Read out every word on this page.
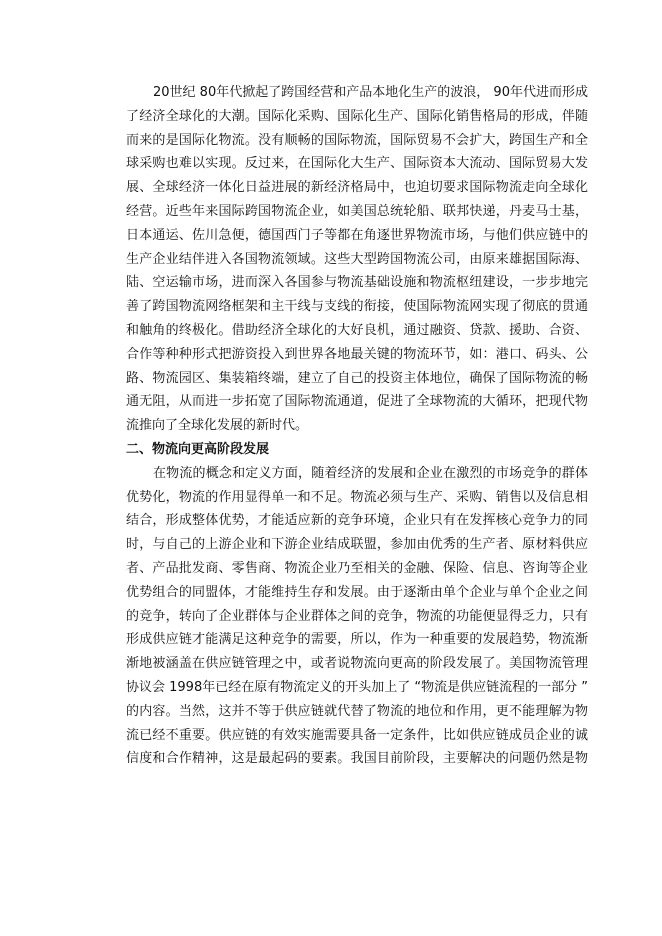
20世纪 80年代掀起了跨国经营和产品本地化生产的波浪， 90年代进而形成
了经济全球化的大潮。国际化采购、国际化生产、国际化销售格局的形成，伴随
而来的是国际化物流。没有顺畅的国际物流，国际贸易不会扩大，跨国生产和全
球采购也难以实现。反过来，在国际化大生产、国际资本大流动、国际贸易大发
展、全球经济一体化日益进展的新经济格局中，也迫切要求国际物流走向全球化
经营。近些年来国际跨国物流企业，如美国总统轮船、联邦快递，丹麦马士基，
日本通运、佐川急便，德国西门子等都在角逐世界物流市场，与他们供应链中的
生产企业结伴进入各国物流领域。这些大型跨国物流公司，由原来雄据国际海、
陆、空运输市场，进而深入各国参与物流基础设施和物流枢纽建设，一步步地完
善了跨国物流网络框架和主干线与支线的衔接，使国际物流网实现了彻底的贯通
和触角的终极化。借助经济全球化的大好良机，通过融资、贷款、援助、合资、
合作等种种形式把游资投入到世界各地最关键的物流环节，如：港口、码头、公
路、物流园区、集装箱终端，建立了自己的投资主体地位，确保了国际物流的畅
通无阻，从而进一步拓宽了国际物流通道，促进了全球物流的大循环，把现代物
流推向了全球化发展的新时代。
二、物流向更高阶段发展
在物流的概念和定义方面，随着经济的发展和企业在激烈的市场竞争的群体
优势化，物流的作用显得单一和不足。物流必须与生产、采购、销售以及信息相
结合，形成整体优势，才能适应新的竞争环境，企业只有在发挥核心竞争力的同
时，与自己的上游企业和下游企业结成联盟，参加由优秀的生产者、原材料供应
者、产品批发商、零售商、物流企业乃至相关的金融、保险、信息、咨询等企业
优势组合的同盟体，才能维持生存和发展。由于逐渐由单个企业与单个企业之间
的竞争，转向了企业群体与企业群体之间的竞争，物流的功能便显得乏力，只有
形成供应链才能满足这种竞争的需要，所以，作为一种重要的发展趋势，物流渐
渐地被涵盖在供应链管理之中，或者说物流向更高的阶段发展了。美国物流管理
协议会 1998年已经在原有物流定义的开头加上了 “物流是供应链流程的一部分 ”
的内容。当然，这并不等于供应链就代替了物流的地位和作用，更不能理解为物
流已经不重要。供应链的有效实施需要具备一定条件，比如供应链成员企业的诚
信度和合作精神，这是最起码的要素。我国目前阶段，主要解决的问题仍然是物
